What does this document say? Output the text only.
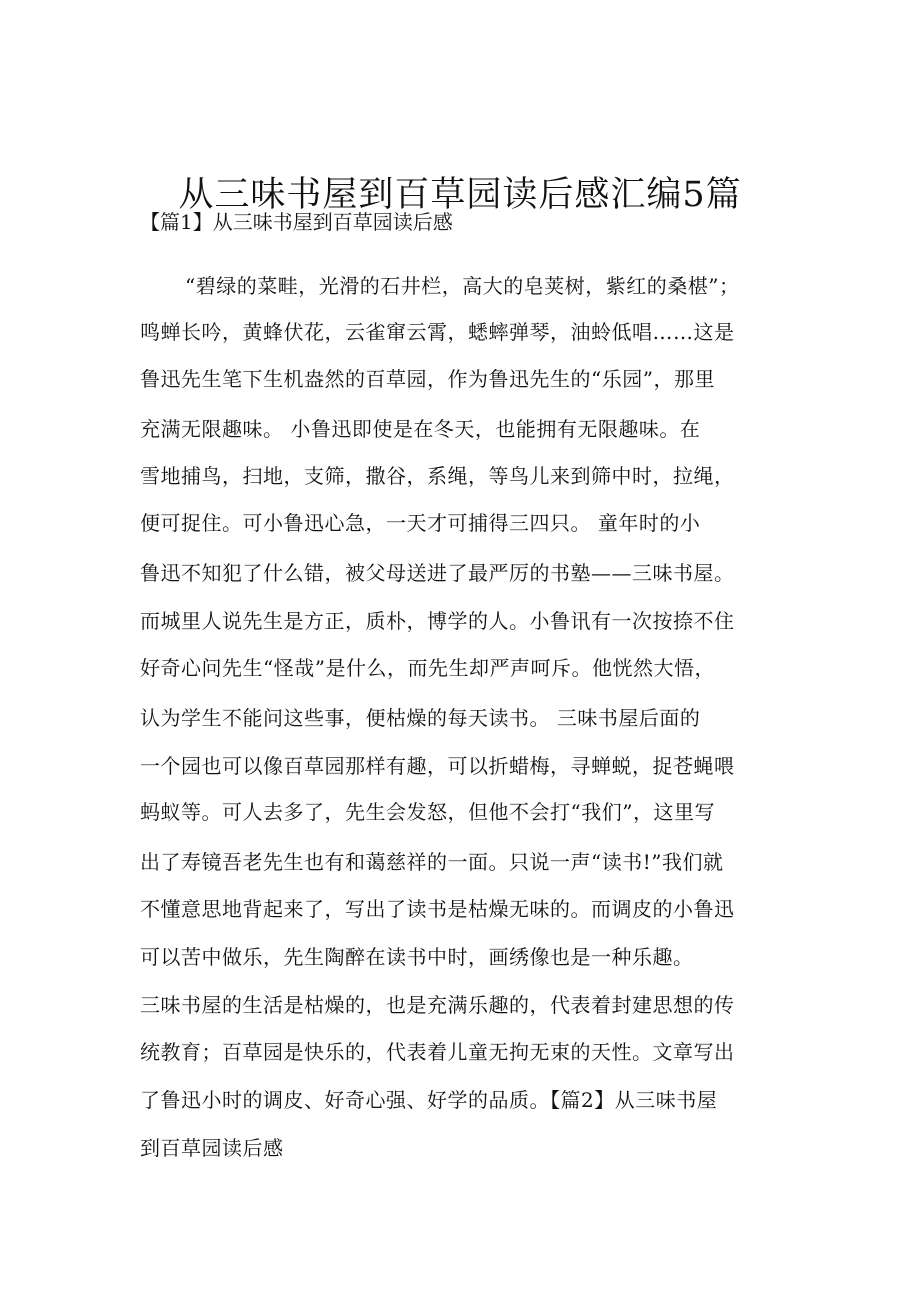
从三味书屋到百草园读后感汇编5篇
【篇1】从三味书屋到百草园读后感
“碧绿的菜畦，光滑的石井栏，高大的皂荚树，紫红的桑椹”；
鸣蝉长吟，黄蜂伏花，云雀窜云霄，蟋蟀弹琴，油蛉低唱……这是
鲁迅先生笔下生机盎然的百草园，作为鲁迅先生的“乐园”，那里
充满无限趣味。 小鲁迅即使是在冬天，也能拥有无限趣味。在
雪地捕鸟，扫地，支筛，撒谷，系绳，等鸟儿来到筛中时，拉绳，
便可捉住。可小鲁迅心急，一天才可捕得三四只。 童年时的小
鲁迅不知犯了什么错，被父母送进了最严厉的书塾——三味书屋。
而城里人说先生是方正，质朴，博学的人。小鲁讯有一次按捺不住
好奇心问先生“怪哉”是什么，而先生却严声呵斥。他恍然大悟，
认为学生不能问这些事，便枯燥的每天读书。 三味书屋后面的
一个园也可以像百草园那样有趣，可以折蜡梅，寻蝉蜕，捉苍蝇喂
蚂蚁等。可人去多了，先生会发怒，但他不会打“我们”，这里写
出了寿镜吾老先生也有和蔼慈祥的一面。只说一声“读书!”我们就
不懂意思地背起来了，写出了读书是枯燥无味的。而调皮的小鲁迅
可以苦中做乐，先生陶醉在读书中时，画绣像也是一种乐趣。
三味书屋的生活是枯燥的，也是充满乐趣的，代表着封建思想的传
统教育；百草园是快乐的，代表着儿童无拘无束的天性。文章写出
了鲁迅小时的调皮、好奇心强、好学的品质。【篇2】从三味书屋
到百草园读后感
